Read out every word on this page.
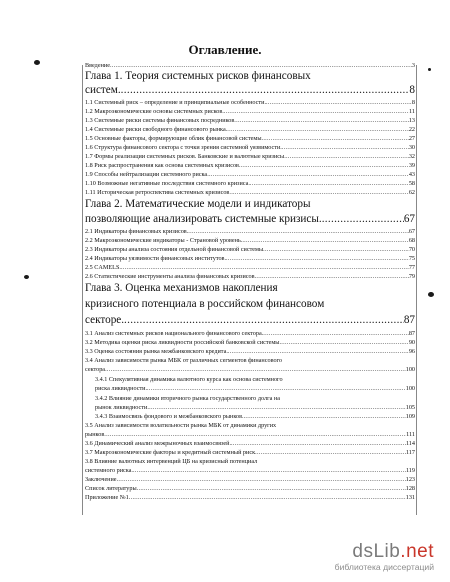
Оглавление.
Введение .....	3
Глава 1. Теория системных рисков финансовых
систем. .....	8
1.1 Системный риск – определение и принципиальные особенности. .....	8
1.2 Макроэкономические основы системных рисков. .....	11
1.3 Системные риски системы финансовых посредников .....	13
1.4 Системные риски свободного финансового рынка. .....	22
1.5 Основные факторы, формирующие облик финансовой системы .....	27
1.6 Структура финансового сектора с точки зрения системной уязвимости. .....	30
1.7 Формы реализации системных рисков. Банковские и валютные кризисы .....	32
1.8 Риск распространения как основа системных кризисов. .....	39
1.9 Способы нейтрализации системного риска .....	43
1.10 Возможные негативные последствия системного кризиса. .....	58
1.11 Историческая ретроспектива системных кризисов .....	62
Глава 2. Математические модели и индикаторы
позволяющие анализировать системные кризисы. .....	67
2.1 Индикаторы финансовых кризисов. .....	67
2.2 Макроэкономические индикаторы - Страновой уровень. .....	68
2.3 Индикаторы анализа состояния отдельной финансовой системы .....	70
2.4 Индикаторы уязвимости финансовых институтов. .....	75
2.5 CAMELS. .....	77
2.6 Статистические инструменты анализа финансовых кризисов .....	79
Глава 3. Оценка механизмов накопления
кризисного потенциала в российском финансовом
секторе. .....	87
3.1 Анализ системных рисков национального финансового сектора. .....	87
3.2 Методика оценки риска ликвидности российской банковской системы .....	90
3.3 Оценка состояния рынка межбанковского кредита. .....	96
3.4 Анализ зависимости рынка МБК от различных сегментов финансового
сектора .....	100
3.4.1 Спекулятивная динамика валютного курса как основа системного
риска ликвидности. .....	100
3.4.2 Влияние динамики вторичного рынка государственного долга на
рынок ликвидности .....	105
3.4.3 Взаимосвязь фондового и межбанковского рынков. .....	109
3.5 Анализ зависимости волатильности рынка МБК от динамики других
рынков .....	111
3.6 Динамический анализ межрыночных взаимосвязей. .....	114
3.7 Макроэкономические факторы и кредитный системный риск .....	117
3.8 Влияние валютных интервенций ЦБ на кризисный потенциал
системного риска. .....	119
Заключение .....	123
Список литературы .....	128
Приложение №1 .....	131
dsLib.net
библиотека диссертаций
